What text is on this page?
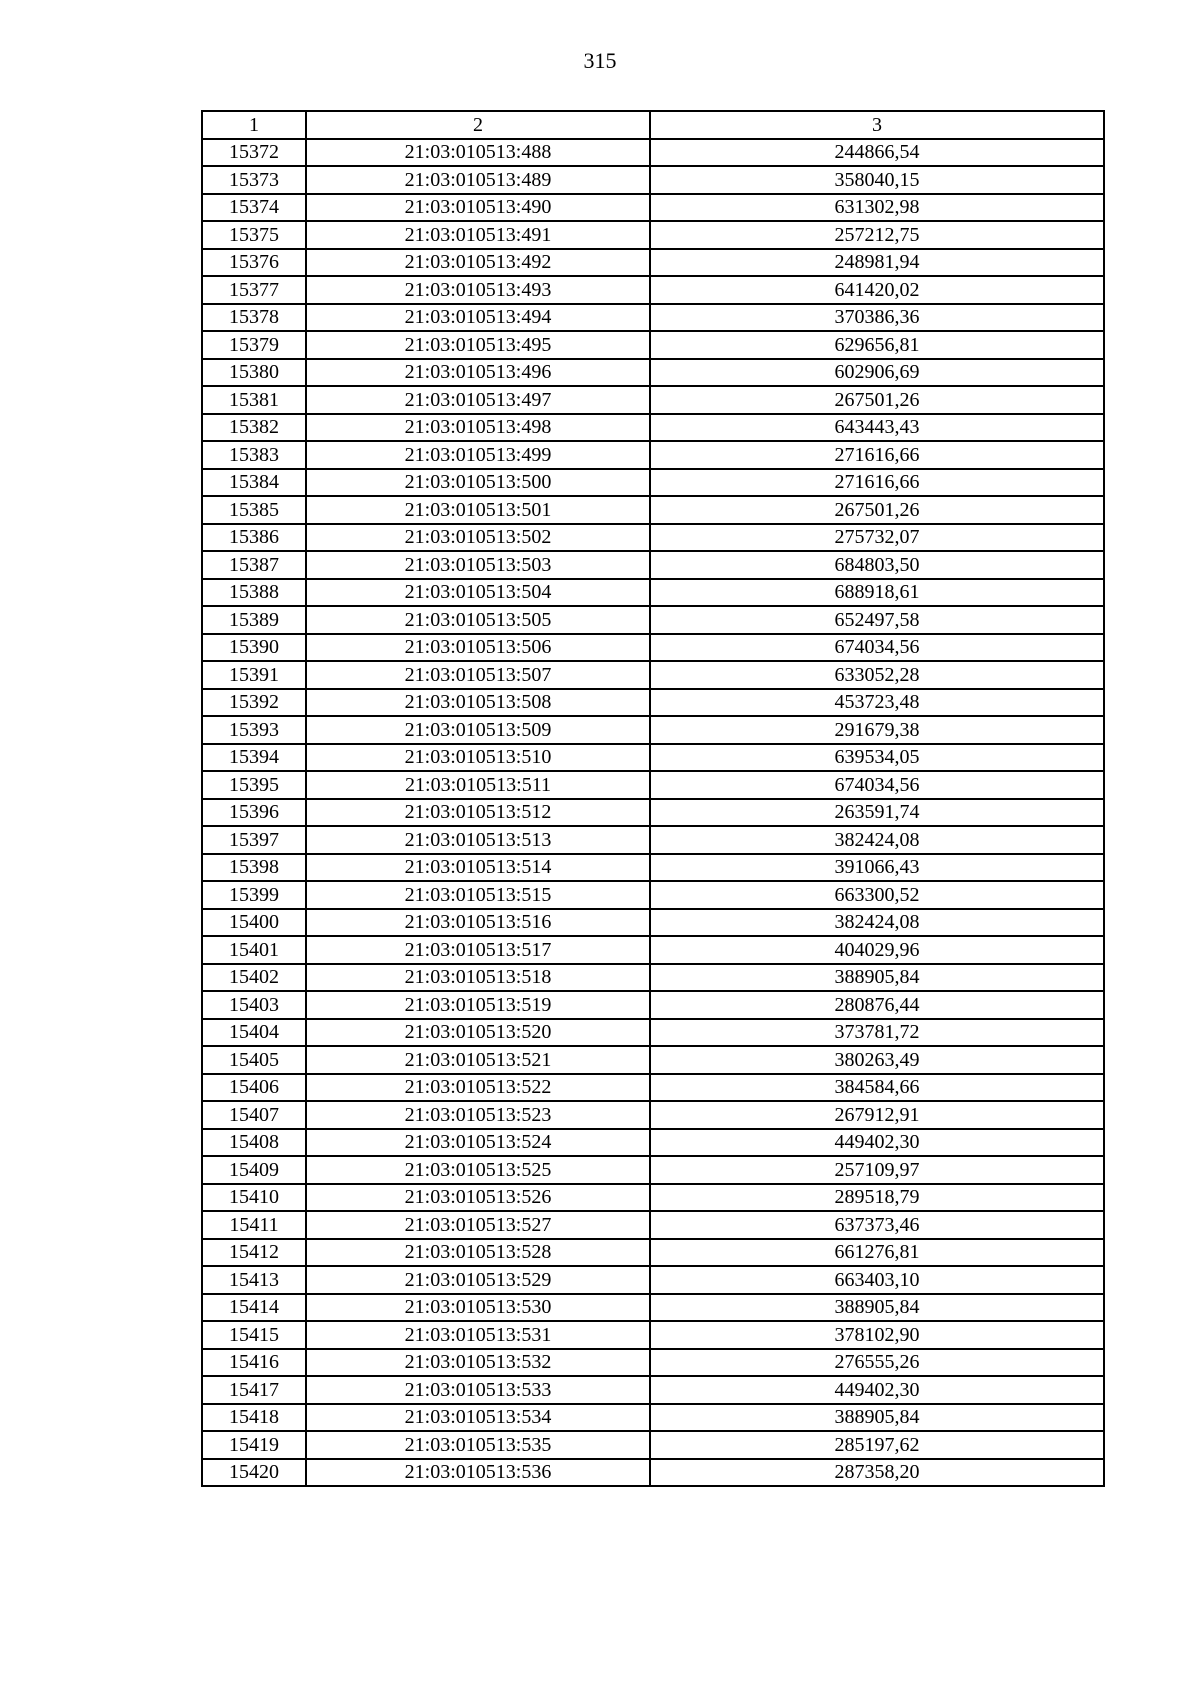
315
1	2	3
15372	21:03:010513:488	244866,54
15373	21:03:010513:489	358040,15
15374	21:03:010513:490	631302,98
15375	21:03:010513:491	257212,75
15376	21:03:010513:492	248981,94
15377	21:03:010513:493	641420,02
15378	21:03:010513:494	370386,36
15379	21:03:010513:495	629656,81
15380	21:03:010513:496	602906,69
15381	21:03:010513:497	267501,26
15382	21:03:010513:498	643443,43
15383	21:03:010513:499	271616,66
15384	21:03:010513:500	271616,66
15385	21:03:010513:501	267501,26
15386	21:03:010513:502	275732,07
15387	21:03:010513:503	684803,50
15388	21:03:010513:504	688918,61
15389	21:03:010513:505	652497,58
15390	21:03:010513:506	674034,56
15391	21:03:010513:507	633052,28
15392	21:03:010513:508	453723,48
15393	21:03:010513:509	291679,38
15394	21:03:010513:510	639534,05
15395	21:03:010513:511	674034,56
15396	21:03:010513:512	263591,74
15397	21:03:010513:513	382424,08
15398	21:03:010513:514	391066,43
15399	21:03:010513:515	663300,52
15400	21:03:010513:516	382424,08
15401	21:03:010513:517	404029,96
15402	21:03:010513:518	388905,84
15403	21:03:010513:519	280876,44
15404	21:03:010513:520	373781,72
15405	21:03:010513:521	380263,49
15406	21:03:010513:522	384584,66
15407	21:03:010513:523	267912,91
15408	21:03:010513:524	449402,30
15409	21:03:010513:525	257109,97
15410	21:03:010513:526	289518,79
15411	21:03:010513:527	637373,46
15412	21:03:010513:528	661276,81
15413	21:03:010513:529	663403,10
15414	21:03:010513:530	388905,84
15415	21:03:010513:531	378102,90
15416	21:03:010513:532	276555,26
15417	21:03:010513:533	449402,30
15418	21:03:010513:534	388905,84
15419	21:03:010513:535	285197,62
15420	21:03:010513:536	287358,20
